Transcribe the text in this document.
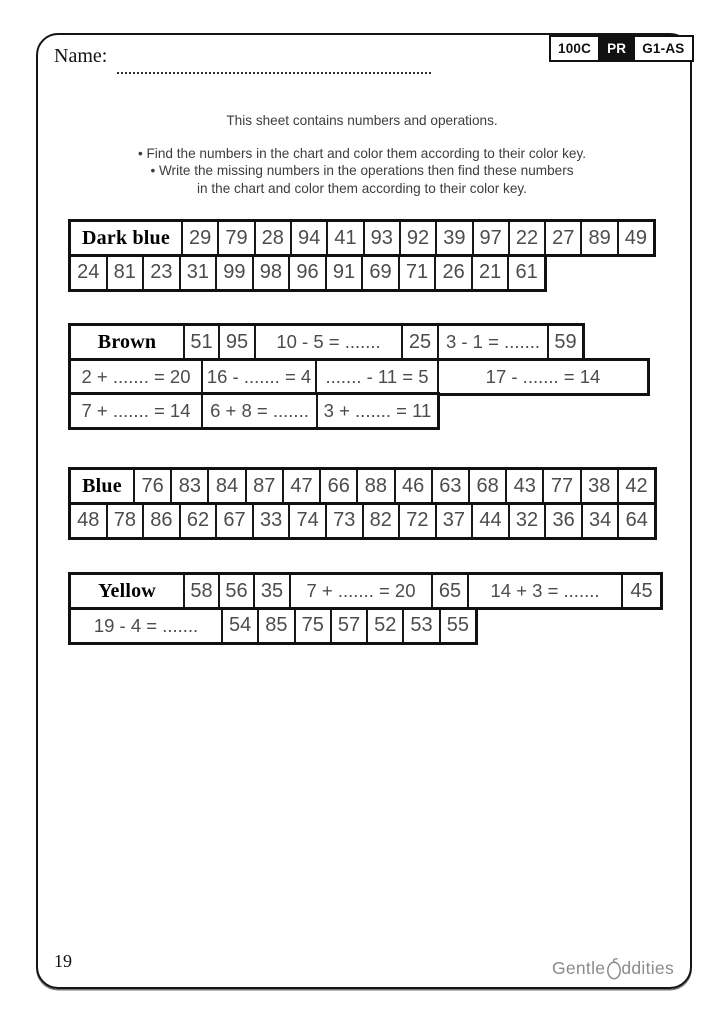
Name:	100C	PR	G1-AS
This sheet contains numbers and operations.
• Find the numbers in the chart and color them according to their color key.
• Write the missing numbers in the operations then find these numbers
in the chart and color them according to their color key.
Dark blue 29 79 28 94 41 93 92 39 97 22 27 89 49
24 81 23 31 99 98 96 91 69 71 26 21 61
Brown	51 95	10 - 5 = .......	25 3 - 1 = ....... 59
2 + ....... = 20 16 - ....... = 4 ....... - 11 = 5	17 - ....... = 14
7 + ....... = 14	6 + 8 = ....... 3 + ....... = 11
Blue 76 83 84 87 47 66 88 46 63 68 43 77 38 42
48 78 86 62 67 33 74 73 82 72 37 44 32 36 34 64
Yellow	58 56 35	7 + ....... = 20	65	14 + 3 = .......	45
19 - 4 = .......	54 85 75 57 52 53 55
19	Gentle ddities
